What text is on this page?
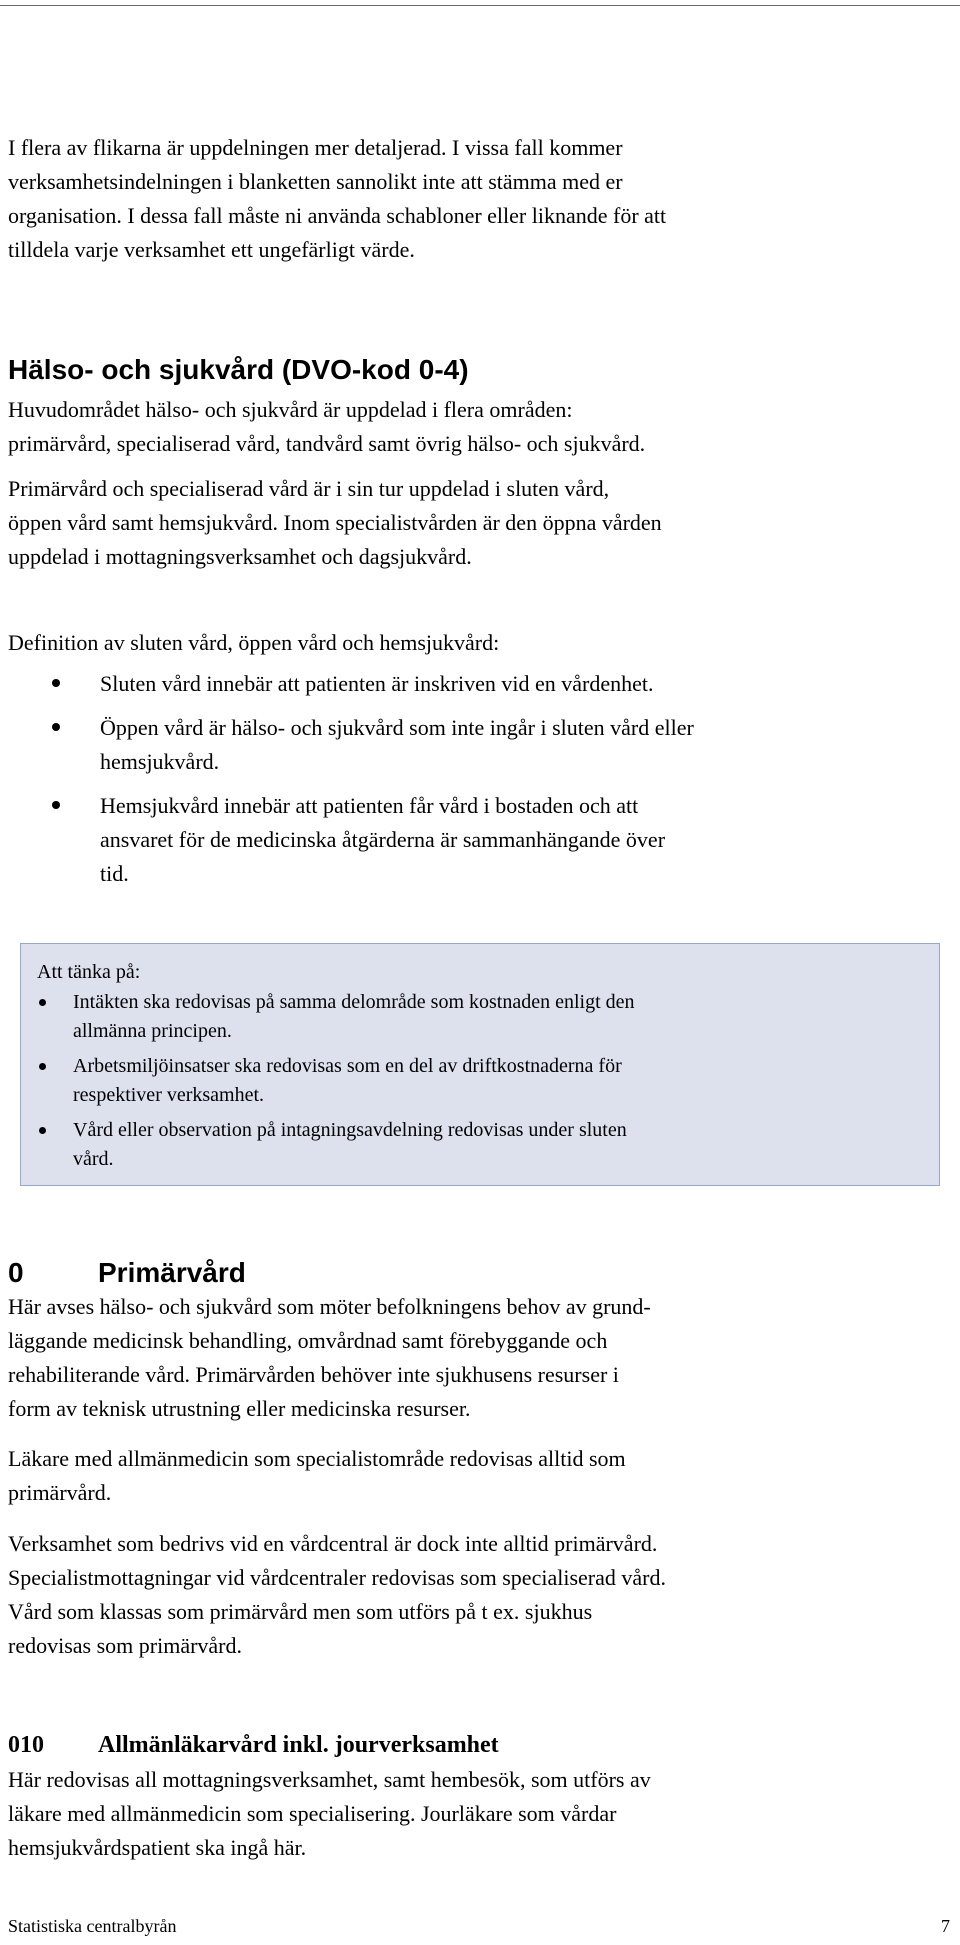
I flera av flikarna är uppdelningen mer detaljerad. I vissa fall kommer
verksamhetsindelningen i blanketten sannolikt inte att stämma med er
organisation. I dessa fall måste ni använda schabloner eller liknande för att
tilldela varje verksamhet ett ungefärligt värde.

Hälso- och sjukvård (DVO-kod 0-4)

Huvudområdet hälso- och sjukvård är uppdelad i flera områden:
primärvård, specialiserad vård, tandvård samt övrig hälso- och sjukvård.

Primärvård och specialiserad vård är i sin tur uppdelad i sluten vård,
öppen vård samt hemsjukvård. Inom specialistvården är den öppna vården
uppdelad i mottagningsverksamhet och dagsjukvård.

Definition av sluten vård, öppen vård och hemsjukvård:

Sluten vård innebär att patienten är inskriven vid en vårdenhet.
Öppen vård är hälso- och sjukvård som inte ingår i sluten vård eller
hemsjukvård.
Hemsjukvård innebär att patienten får vård i bostaden och att
ansvaret för de medicinska åtgärderna är sammanhängande över
tid.

Att tänka på:

Intäkten ska redovisas på samma delområde som kostnaden enligt den
allmänna principen.
Arbetsmiljöinsatser ska redovisas som en del av driftkostnaderna för
respektiver verksamhet.
Vård eller observation på intagningsavdelning redovisas under sluten
vård.
0	Primärvård

Här avses hälso- och sjukvård som möter befolkningens behov av grund-
läggande medicinsk behandling, omvårdnad samt förebyggande och
rehabiliterande vård. Primärvården behöver inte sjukhusens resurser i
form av teknisk utrustning eller medicinska resurser.

Läkare med allmänmedicin som specialistområde redovisas alltid som
primärvård.

Verksamhet som bedrivs vid en vårdcentral är dock inte alltid primärvård.
Specialistmottagningar vid vårdcentraler redovisas som specialiserad vård.
Vård som klassas som primärvård men som utförs på t ex. sjukhus
redovisas som primärvård.

010 Allmänläkarvård inkl. jourverksamhet

Här redovisas all mottagningsverksamhet, samt hembesök, som utförs av
läkare med allmänmedicin som specialisering. Jourläkare som vårdar
hemsjukvårdspatient ska ingå här.

Statistiska centralbyrån	7
